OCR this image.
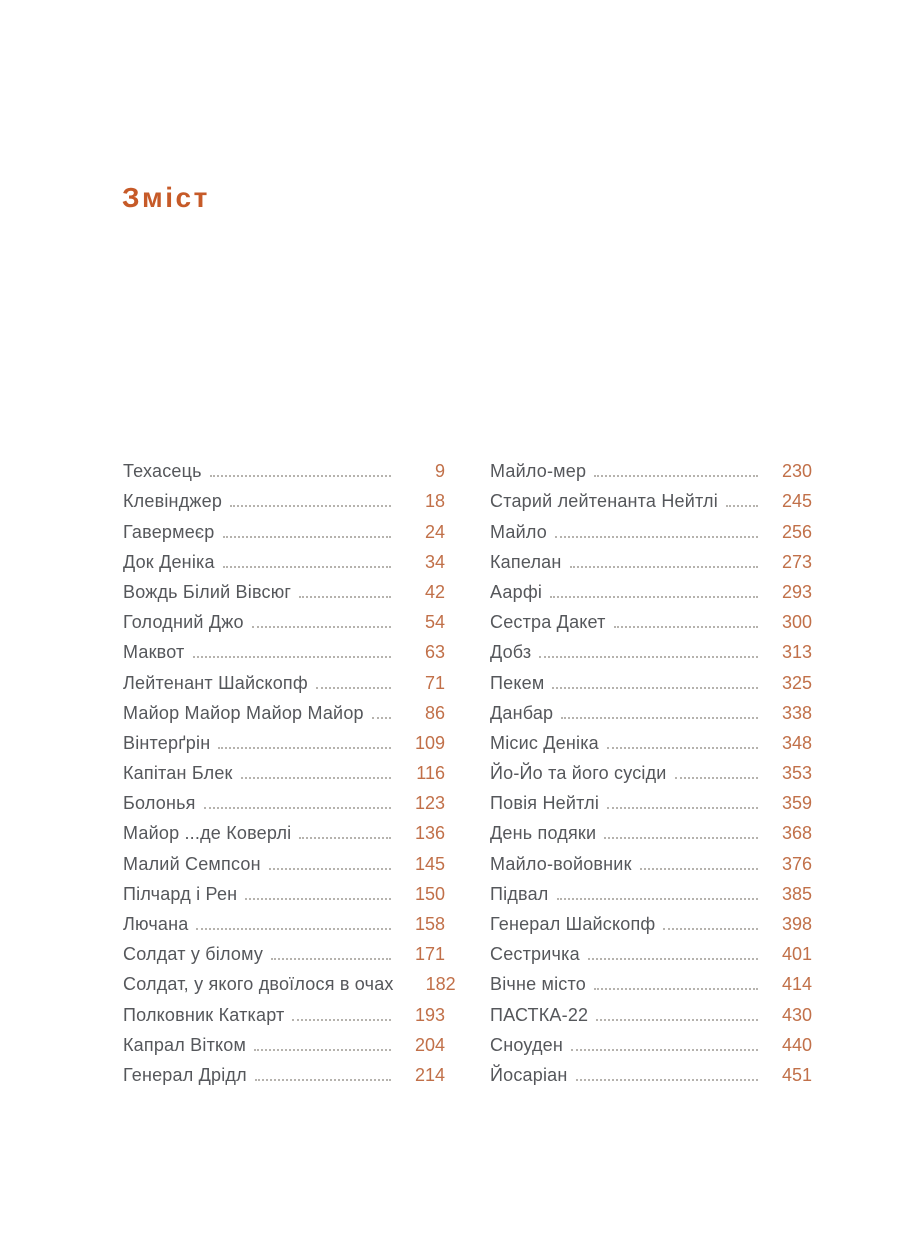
Зміст
Техасець	9
Клевінджер	18
Гавермеєр	24
Док Деніка	34
Вождь Білий Вівсюг	42
Голодний Джо	54
Маквот	63
Лейтенант Шайскопф	71
Майор Майор Майор Майор	86
Вінтерґрін	109
Капітан Блек	116
Болонья	123
Майор ...де Коверлі	136
Малий Семпсон	145
Пілчард і Рен	150
Лючана	158
Солдат у білому	171
Солдат, у якого двоїлося в очах	182
Полковник Каткарт	193
Капрал Вітком	204
Генерал Дрідл	214
Майло-мер	230
Старий лейтенанта Нейтлі	245
Майло	256
Капелан	273
Аарфі	293
Сестра Дакет	300
Добз	313
Пекем	325
Данбар	338
Місис Деніка	348
Йо-Йо та його сусіди	353
Повія Нейтлі	359
День подяки	368
Майло-войовник	376
Підвал	385
Генерал Шайскопф	398
Сестричка	401
Вічне місто	414
ПАСТКА-22	430
Сноуден	440
Йосаріан	451
